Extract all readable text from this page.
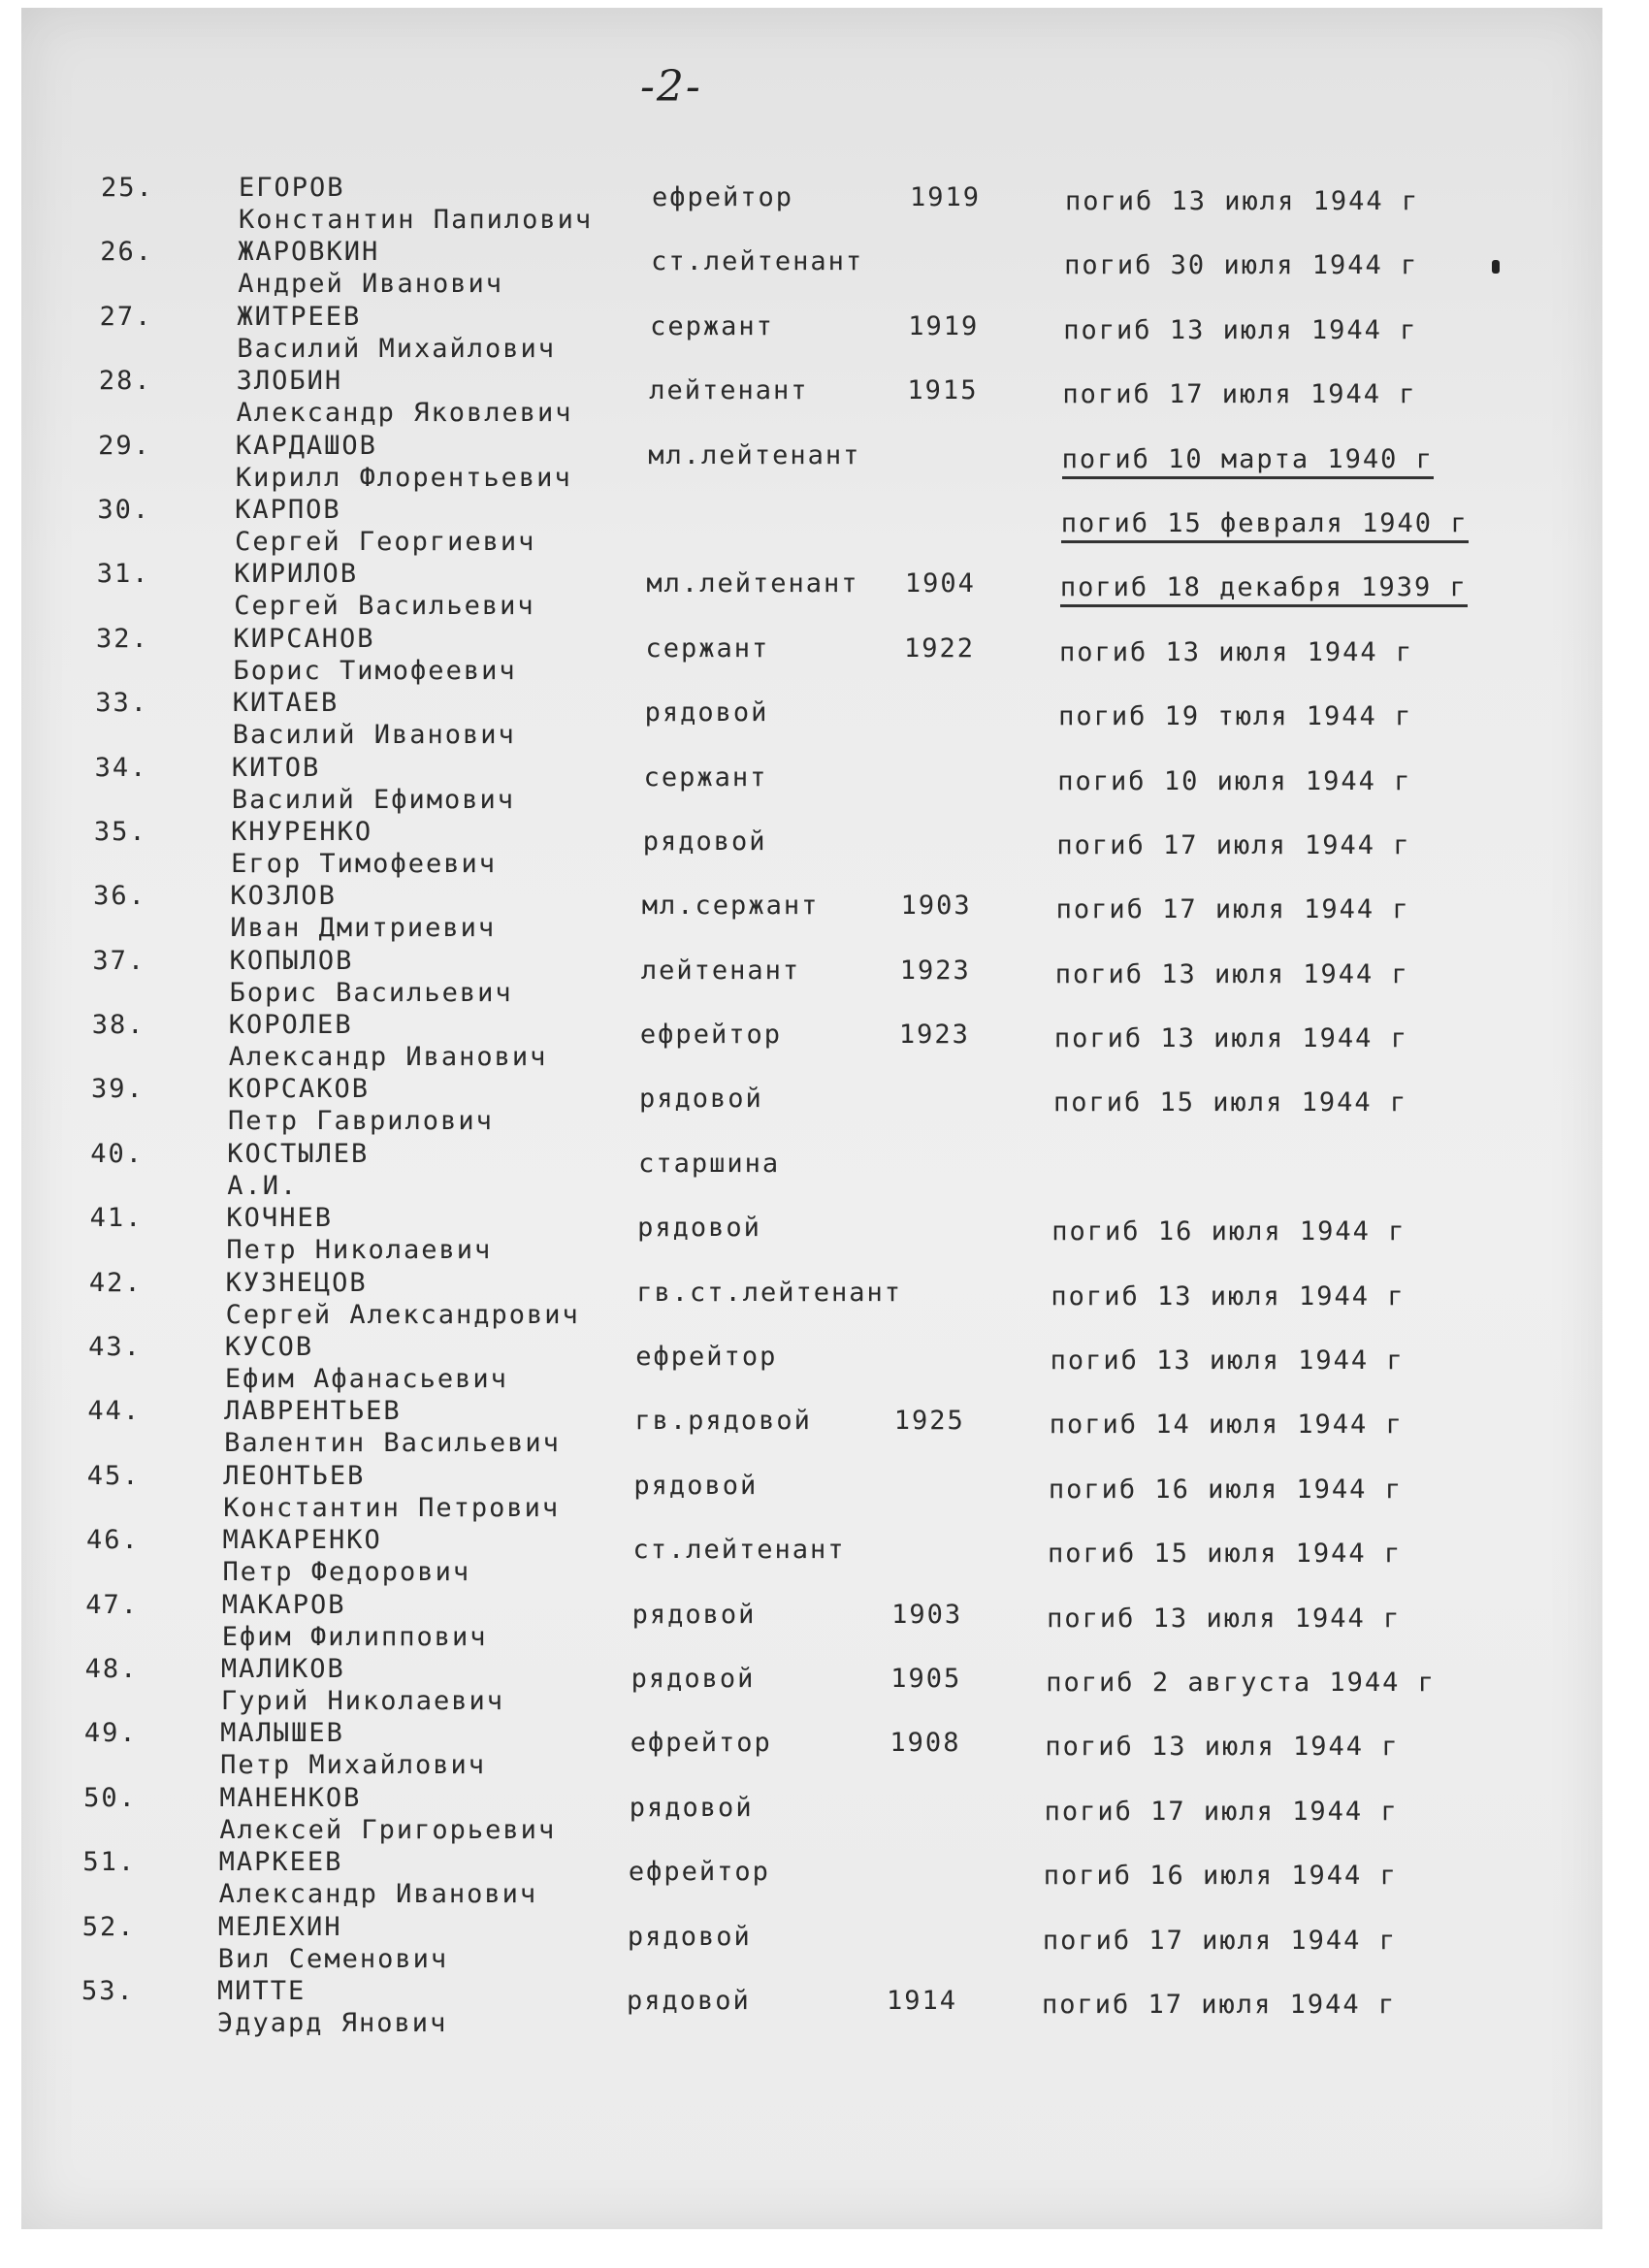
-2-
25.	ЕГОРОВ
Константин Папилович
ефрейтор	1919	погиб 13 июля 1944 г
26.	ЖАРОВКИН
Андрей Иванович
ст.лейтенант	погиб 30 июля 1944 г
27.	ЖИТРЕЕВ
Василий Михайлович
сержант	1919	погиб 13 июля 1944 г
28.	ЗЛОБИН
Александр Яковлевич
лейтенант	1915	погиб 17 июля 1944 г
29.	КАРДАШОВ
Кирилл Флорентьевич
мл.лейтенант	погиб 10 марта 1940 г
30.	КАРПОВ
Сергей Георгиевич
погиб 15 февраля 1940 г
31.	КИРИЛОВ
Сергей Васильевич
мл.лейтенант 1904	погиб 18 декабря 1939 г
32.	КИРСАНОВ
Борис Тимофеевич
сержант	1922	погиб 13 июля 1944 г
33.	КИТАЕВ
Василий Иванович
рядовой	погиб 19 тюля 1944 г
34.	КИТОВ
Василий Ефимович
сержант	погиб 10 июля 1944 г
35.	КНУРЕНКО
Егор Тимофеевич
рядовой	погиб 17 июля 1944 г
36.	КОЗЛОВ
Иван Дмитриевич
мл.сержант	1903	погиб 17 июля 1944 г
37.	КОПЫЛОВ
Борис Васильевич
лейтенант	1923	погиб 13 июля 1944 г
38.	КОРОЛЕВ
Александр Иванович
ефрейтор	1923	погиб 13 июля 1944 г
39.	КОРСАКОВ
Петр Гаврилович
рядовой	погиб 15 июля 1944 г
40.	КОСТЫЛЕВ
А.И.
старшина
41.	КОЧНЕВ
Петр Николаевич
рядовой	погиб 16 июля 1944 г
42.	КУЗНЕЦОВ
Сергей Александрович
гв.ст.лейтенант	погиб 13 июля 1944 г
43.	КУСОВ
Ефим Афанасьевич
ефрейтор	погиб 13 июля 1944 г
44.	ЛАВРЕНТЬЕВ
Валентин Васильевич
гв.рядовой	1925	погиб 14 июля 1944 г
45.	ЛЕОНТЬЕВ
Константин Петрович
рядовой	погиб 16 июля 1944 г
46.	МАКАРЕНКО
Петр Федорович
ст.лейтенант	погиб 15 июля 1944 г
47.	МАКАРОВ
Ефим Филиппович
рядовой	1903	погиб 13 июля 1944 г
48.	МАЛИКОВ
Гурий Николаевич
рядовой	1905	погиб 2 августа 1944 г
49.	МАЛЫШЕВ
Петр Михайлович
ефрейтор	1908	погиб 13 июля 1944 г
50.	МАНЕНКОВ
Алексей Григорьевич
рядовой	погиб 17 июля 1944 г
51.	МАРКЕЕВ
Александр Иванович
ефрейтор	погиб 16 июля 1944 г
52.	МЕЛЕХИН
Вил Семенович
рядовой	погиб 17 июля 1944 г
53.	МИТТЕ
Эдуард Янович
рядовой	1914	погиб 17 июля 1944 г
